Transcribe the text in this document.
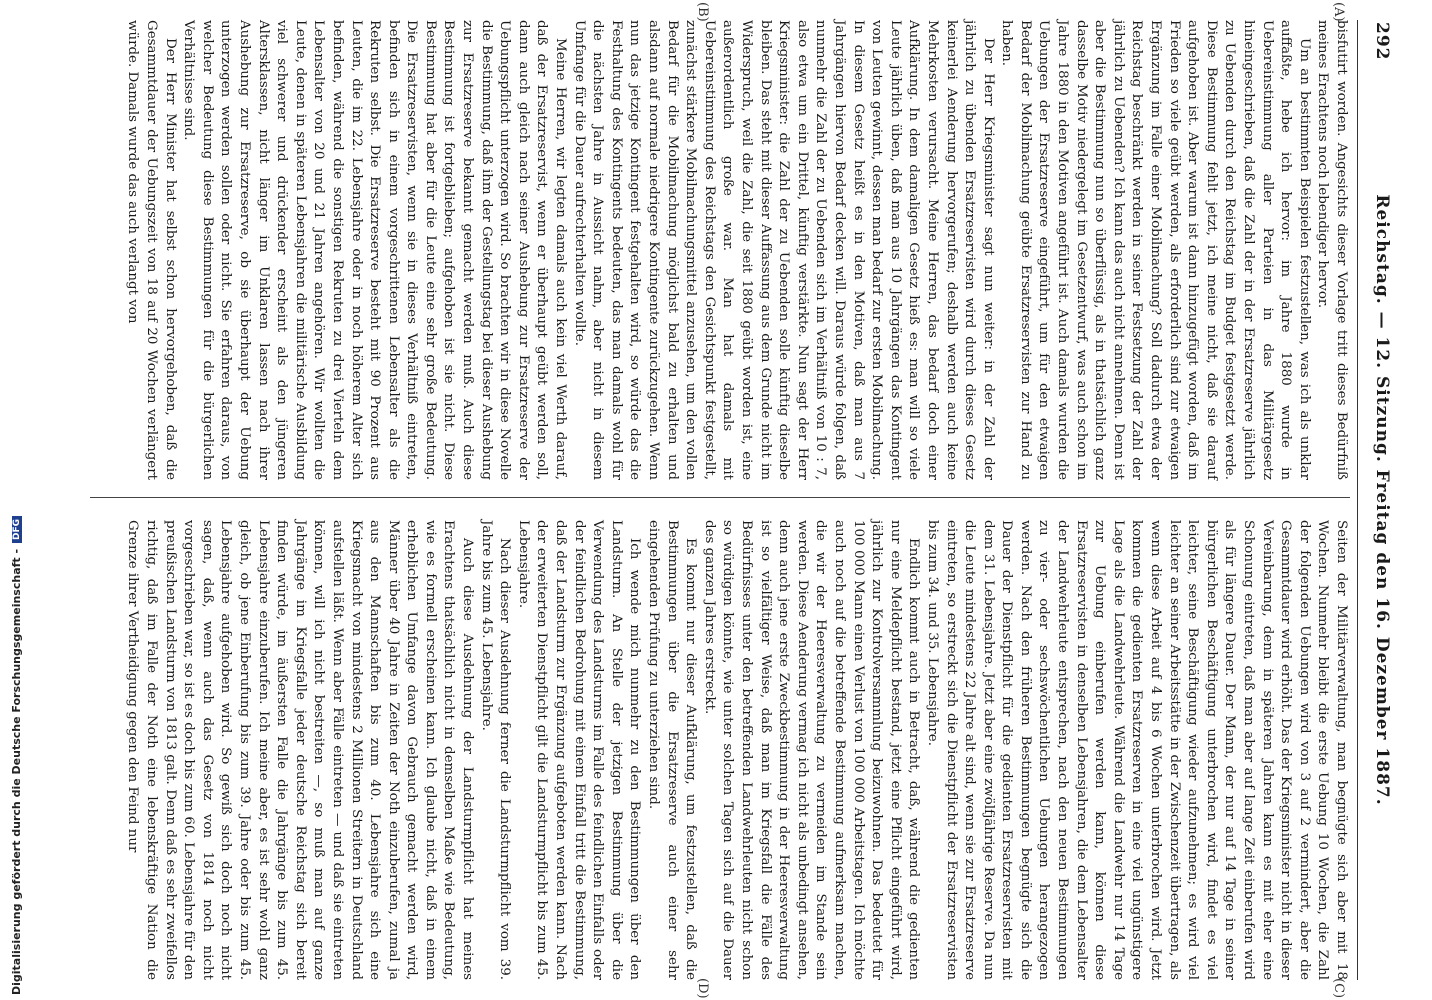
292
Reichstag. — 12. Sitzung. Freitag den 16. Dezember 1887.
(A)
(B)
(C)
(D)

bisfutirt worden. Angesichts dieser Vorlage tritt dieses Bedürfniß meines Erachtens noch lebendiger hervor.

Um an bestimmten Beispielen festzustellen, was ich als unklar auffaßte, hebe ich hervor: im Jahre 1880 wurde in Uebereinstimmung aller Parteien in das Militärgesetz hineingeschrieben, daß die Zahl der in der Ersatzreserve jährlich zu Uebenden durch den Reichstag im Budget festgesetzt werde. Diese Bestimmung fehlt jetzt, ich meine nicht, daß sie darauf aufgehoben ist. Aber warum ist dann hinzugefügt worden, daß im Frieden so viele geübt werden, als erforderlich sind zur etwaigen Ergänzung im Falle einer Mobilmachung? Soll dadurch etwa der Reichstag beschränkt werden in seiner Festsetzung der Zahl der jährlich zu Uebenden? Ich kann das auch nicht annehmen. Denn ist aber die Bestimmung nun so überflüssig, als in thatsächlich ganz dasselbe Motiv niedergelegt im Gesetzentwurf, was auch schon im Jahre 1880 in den Motiven angeführt ist. Auch damals wurden die Uebungen der Ersatzreserve eingeführt, um für den etwaigen Bedarf der Mobilmachung geübte Ersatzreservisten zur Hand zu haben.

Der Herr Kriegsminister sagt nun weiter: in der Zahl der jährlich zu übenden Ersatzreservisten wird durch dieses Gesetz keinerlei Aenderung hervorgerufen; deshalb werden auch keine Mehrkosten verursacht. Meine Herren, das bedarf doch einer Aufklärung. In dem damaligen Gesetz hieß es: man will so viele Leute jährlich üben, daß man aus 10 Jahrgängen das Kontingent von Leuten gewinnt, dessen man bedarf zur ersten Mobilmachung. In diesem Gesetz heißt es in den Motiven, daß man aus 7 Jahrgängen hiervon Bedarf decken will. Daraus würde folgen, daß nunmehr die Zahl der zu Uebenden sich im Verhältniß von 10 : 7, also etwa um ein Drittel, künftig verstärkte. Nun sagt der Herr Kriegsminister: die Zahl der zu Uebenden solle künftig dieselbe bleiben. Das steht mit dieser Auffassung aus dem Grunde nicht im Widerspruch, weil die Zahl, die seit 1880 geübt worden ist, eine außerordentlich große war. Man hat damals mit Uebereinstimmung des Reichstags den Gesichtspunkt festgestellt, zunächst stärkere Mobilmachungsmittel anzusehen, um den vollen Bedarf für die Mobilmachung möglichst bald zu erhalten und alsdann auf normale niedrigere Kontingente zurückzugehen. Wenn nun das jetzige Kontingent festgehalten wird, so würde das die Festhaltung des Kontingents bedeuten, das man damals wohl für die nächsten Jahre in Aussicht nahm, aber nicht in diesem Umfange für die Dauer aufrechterhalten wollte.

Meine Herren, wir legten damals auch kein viel Werth darauf, daß der Ersatzreservist, wenn er überhaupt geübt werden soll, dann auch gleich nach seiner Aushebung zur Ersatzreserve der Uebungspflicht unterzogen wird. So brachten wir in diese Novelle die Bestimmung, daß ihm der Gestellungstag bei dieser Aushebung zur Ersatzreserve bekannt gemacht werden muß. Auch diese Bestimmung ist fortgeblieben; aufgehoben ist sie nicht. Diese Bestimmung hat aber für die Leute eine sehr große Bedeutung. Die Ersatzreservisten, wenn sie in dieses Verhältniß eintreten, befinden sich in einem vorgeschrittenen Lebensalter als die Rekruten selbst. Die Ersatzreserve besteht mit 90 Prozent aus Leuten, die im 22. Lebensjahre oder in noch höherem Alter sich befinden, während die sonstigen Rekruten zu drei Vierteln dem Lebensalter von 20 und 21 Jahren angehören. Wir wollten die Leute, denen in späteren Lebensjahren die militärische Ausbildung viel schwerer und drückender erscheint als den jüngeren Altersklassen, nicht länger im Unklaren lassen nach ihrer Aushebung zur Ersatzreserve, ob sie überhaupt der Uebung unterzogen werden sollen oder nicht. Sie erfahren daraus, von welcher Bedeutung diese Bestimmungen für die bürgerlichen Verhältnisse sind.

Der Herr Minister hat selbst schon hervorgehoben, daß die Gesammtdauer der Uebungszeit von 18 auf 20 Wochen verlängert würde. Damals wurde das auch verlangt von

Seiten der Militärverwaltung, man begnügte sich aber mit 18 Wochen. Nunmehr bleibt die erste Uebung 10 Wochen, die Zahl der folgenden Uebungen wird von 3 auf 2 vermindert, aber die Gesammtdauer wird erhöht. Das der Kriegsminister nicht in dieser Vereinbarung, denn in späteren Jahren kann es mit eher eine Schonung eintreten, daß man aber auf lange Zeit einberufen wird als für längere Dauer. Der Mann, der nur auf 14 Tage in seiner bürgerlichen Beschäftigung unterbrochen wird, findet es viel leichter, seine Beschäftigung wieder aufzunehmen; es wird viel leichter an seiner Arbeitsstätte in der Zwischenzeit übertragen, als wenn diese Arbeit auf 4 bis 6 Wochen unterbrochen wird. Jetzt kommen die gedienten Ersatzreserven in eine viel ungünstigere Lage als die Landwehrleute. Während die Landwehr nur 14 Tage zur Uebung einberufen werden kann, können diese Ersatzreservisten in denselben Lebensjahren, die dem Lebensalter der Landwehrleute entsprechen, nach den neuen Bestimmungen zu vier- oder sechswöchentlichen Uebungen herangezogen werden. Nach den früheren Bestimmungen begnügte sich die Dauer der Dienstpflicht für die gedienten Ersatzreservisten mit dem 31. Lebensjahre. Jetzt aber eine zwölfjährige Reserve. Da nun die Leute mindestens 22 Jahre alt sind, wenn sie zur Ersatzreserve eintreten, so erstreckt sich die Dienstpflicht der Ersatzreservisten bis zum 34. und 35. Lebensjahre.

Endlich kommt auch in Betracht, daß, während die gedienten nur eine Meldepflicht bestand, jetzt eine Pflicht eingeführt wird, jährlich zur Kontrolversammlung beizuwohnen. Das bedeutet für 100 000 Mann einen Verlust von 100 000 Arbeitstagen. Ich möchte auch noch auf die betreffende Bestimmung aufmerksam machen, die wir der Heeresverwaltung zu vermeiden im Stande sein werden. Diese Aenderung vermag ich nicht als unbedingt ansehen, denn auch jene erste Zweckbestimmung in der Heeresverwaltung ist so vielfältiger Weise, daß man im Kriegsfall die Fälle des Bedürfnisses unter den betreffenden Landwehrleuten nicht schon so würdigen könnte, wie unter solchen Tagen sich auf die Dauer des ganzen Jahres erstreckt.

Es kommt nur dieser Aufklärung, um festzustellen, daß die Bestimmungen über die Ersatzreserve auch einer sehr eingehenden Prüfung zu unterziehen sind.

Ich wende mich nunmehr zu den Bestimmungen über den Landsturm. An Stelle der jetzigen Bestimmung über die Verwendung des Landsturms im Falle des feindlichen Einfalls oder der feindlichen Bedrohung mit einem Einfall tritt die Bestimmung, daß der Landsturm zur Ergänzung aufgeboten werden kann. Nach der erweiterten Dienstpflicht gilt die Landsturmpflicht bis zum 45. Lebensjahre.

Nach dieser Ausdehnung ferner die Landsturmpflicht vom 39. Jahre bis zum 45. Lebensjahre.

Auch diese Ausdehnung der Landsturmpflicht hat meines Erachtens thatsächlich nicht in demselben Maße wie Bedeutung, wie es formell erscheinen kann. Ich glaube nicht, daß in einem erheblichen Umfange davon Gebrauch gemacht werden wird, Männer über 40 Jahre in Zeiten der Noth einzuberufen, zumal ja aus den Mannschaften bis zum 40. Lebensjahre sich eine Kriegsmacht von mindestens 2 Millionen Streitern in Deutschland aufstellen läßt. Wenn aber Fälle eintreten — und daß sie eintreten können, will ich nicht bestreiten —, so muß man auf ganze Jahrgänge im Kriegsfalle jeder deutsche Reichstag sich bereit finden würde, im äußersten Falle die Jahrgänge bis zum 45. Lebensjahre einzuberufen. Ich meine aber, es ist sehr wohl ganz gleich, ob jene Einberufung bis zum 39. Jahre oder bis zum 45. Lebensjahre aufgehoben wird. So gewiß sich doch noch nicht sagen, daß, wenn auch das Gesetz von 1814 noch nicht vorgeschrieben war, so ist es doch bis zum 60. Lebensjahre für den preußischen Landsturm von 1813 galt. Denn daß es sehr zweifellos richtig, daß im Falle der Noth eine lebenskräftige Nation die Grenze ihrer Vertheidigung gegen den Feind nur

Digitalisierung gefördert durch die Deutsche Forschungsgemeinschaft -DFG
